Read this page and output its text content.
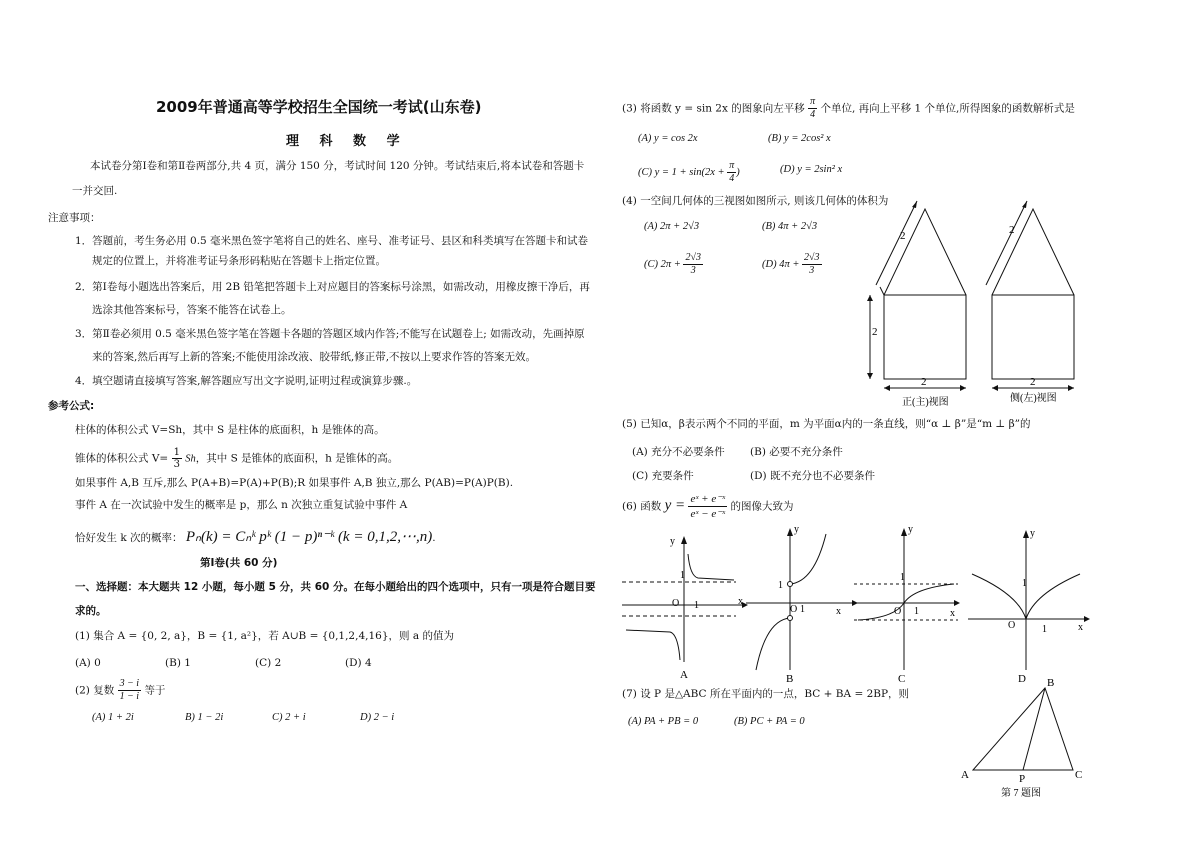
2009年普通高等学校招生全国统一考试(山东卷)
理 科 数 学
本试卷分第Ⅰ卷和第Ⅱ卷两部分,共 4 页，满分 150 分，考试时间 120 分钟。考试结束后,将本试卷和答题卡
一并交回.
注意事项：
1．答题前，考生务必用 0.5 毫米黑色签字笔将自己的姓名、座号、准考证号、县区和科类填写在答题卡和试卷
规定的位置上，并将准考证号条形码粘贴在答题卡上指定位置。
2．第Ⅰ卷每小题选出答案后，用 2B 铅笔把答题卡上对应题目的答案标号涂黑，如需改动，用橡皮擦干净后，再
选涂其他答案标号，答案不能答在试卷上。
3．第Ⅱ卷必须用 0.5 毫米黑色签字笔在答题卡各题的答题区域内作答;不能写在试题卷上; 如需改动，先画掉原
来的答案,然后再写上新的答案;不能使用涂改液、胶带纸,修正带,不按以上要求作答的答案无效。
4．填空题请直接填写答案,解答题应写出文字说明,证明过程或演算步骤.。
参考公式:
柱体的体积公式 V=Sh，其中 S 是柱体的底面积，h 是锥体的高。
锥体的体积公式 $V= \frac{1}{3}$ Sh，其中 S 是锥体的底面积，h 是锥体的高。
如果事件 A,B 互斥,那么 P(A+B)=P(A)+P(B);R 如果事件 A,B 独立,那么 P(AB)=P(A)P(B).
事件 A 在一次试验中发生的概率是 p，那么 n 次独立重复试验中事件 A
恰好发生 k 次的概率： Pₙ(k) = Cₙᵏ pᵏ (1 − p)ⁿ⁻ᵏ (k = 0,1,2,⋯,n).
第Ⅰ卷(共 60 分)
一、选择题：本大题共 12 小题，每小题 5 分，共 60 分。在每小题给出的四个选项中，只有一项是符合题目要
求的。
(1) 集合 A = {0, 2, a}，B = {1, a²}，若 A∪B = {0,1,2,4,16}，则 a 的值为
(A) 0	(B) 1	(C) 2	(D) 4
(2) 复数 $\frac{3 - i}{1 - i}$ 等于
(A) 1 + 2i	B) 1 − 2i	C) 2 + i	D) 2 − i
(3) 将函数 y = sin 2x 的图象向左平移 $\frac{\pi}{4}$ 个单位, 再向上平移 1 个单位,所得图象的函数解析式是
(A) y = cos 2x	(B) y = 2cos² x
(C) $y = 1 + \sin(2x + \frac{\pi}{4}$ )	(D) y = 2sin² x
(4) 一空间几何体的三视图如图所示, 则该几何体的体积为
(A) 2π + 2√3	(B) 4π + 2√3
(C) $2\pi + \frac{2√3}{3}$	(D) $4\pi + \frac{2√3}{3}$
2	2
2
2	2
正(主)视图	侧(左)视图
(5) 已知α，β表示两个不同的平面，m 为平面α内的一条直线，则“α ⊥ β”是“m ⊥ β”的
(A) 充分不必要条件 (B) 必要不充分条件
(C) 充要条件	(D) 既不充分也不必要条件
(6) 函数 $y = \frac{\text{eˣ + e⁻ˣ}}{\text{eˣ − e⁻ˣ}}$ 的图像大致为
y
x
O
1
1
A
y
x
O
1
1
B
y
x
O
1
1
C
y
x
O
1
1
D
(7) 设 P 是△ABC 所在平面内的一点，BC + BA = 2BP，则
(A) PA + PB = 0	(B) PC + PA = 0
A
B
C
P
第 7 题图
